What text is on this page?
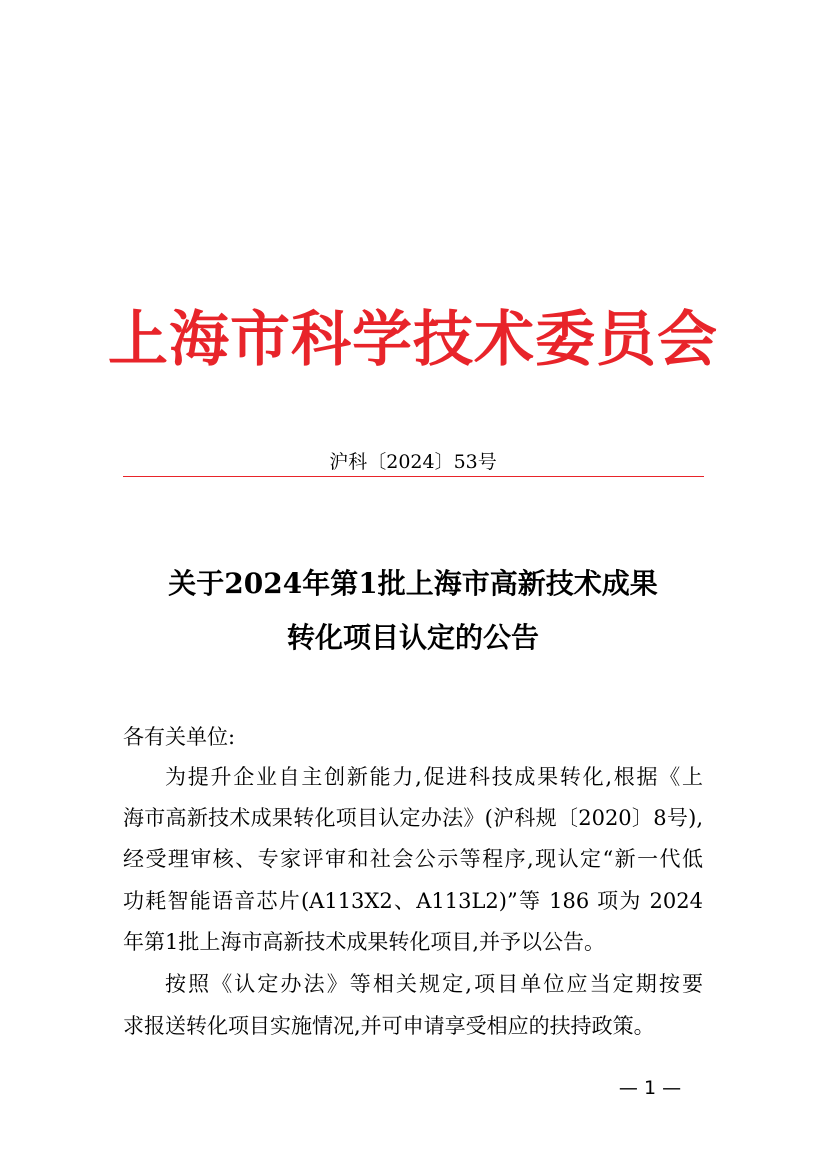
上海市科学技术委员会
沪科〔2024〕53号
关于2024年第1批上海市高新技术成果
转化项目认定的公告
各有关单位:
为提升企业自主创新能力,促进科技成果转化,根据《上
海市高新技术成果转化项目认定办法》(沪科规〔2020〕8号),
经受理审核、专家评审和社会公示等程序,现认定“新一代低
功耗智能语音芯片(A113X2、A113L2)”等 186 项为 2024
年第1批上海市高新技术成果转化项目,并予以公告。
按照《认定办法》等相关规定,项目单位应当定期按要
求报送转化项目实施情况,并可申请享受相应的扶持政策。
— 1 —
